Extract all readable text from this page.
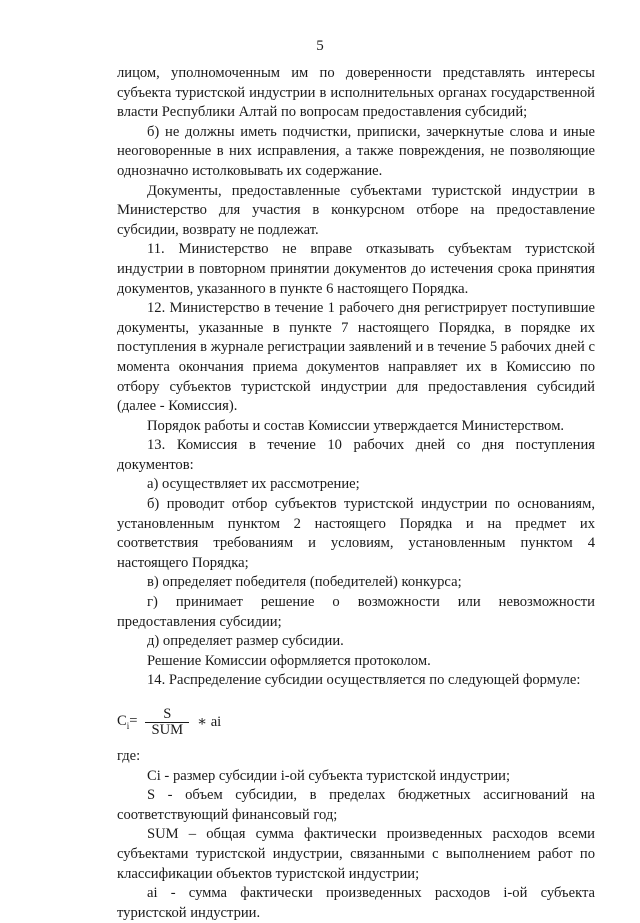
5

лицом, уполномоченным им по доверенности представлять интересы субъекта туристской индустрии в исполнительных органах государственной власти Республики Алтай по вопросам предоставления субсидий;

б) не должны иметь подчистки, приписки, зачеркнутые слова и иные неоговоренные в них исправления, а также повреждения, не позволяющие однозначно истолковывать их содержание.

Документы, предоставленные субъектами туристской индустрии в Министерство для участия в конкурсном отборе на предоставление субсидии, возврату не подлежат.

11. Министерство не вправе отказывать субъектам туристской индустрии в повторном принятии документов до истечения срока принятия документов, указанного в пункте 6 настоящего Порядка.

12. Министерство в течение 1 рабочего дня регистрирует поступившие документы, указанные в пункте 7 настоящего Порядка, в порядке их поступления в журнале регистрации заявлений и в течение 5 рабочих дней с момента окончания приема документов направляет их в Комиссию по отбору субъектов туристской индустрии для предоставления субсидий (далее - Комиссия).

Порядок работы и состав Комиссии утверждается Министерством.

13. Комиссия в течение 10 рабочих дней со дня поступления документов:

а) осуществляет их рассмотрение;

б) проводит отбор субъектов туристской индустрии по основаниям, установленным пунктом 2 настоящего Порядка и на предмет их соответствия требованиям и условиям, установленным пунктом 4 настоящего Порядка;

в) определяет победителя (победителей) конкурса;

г) принимает решение о возможности или невозможности предоставления субсидии;

д) определяет размер субсидии.

Решение Комиссии оформляется протоколом.

14. Распределение субсидии осуществляется по следующей формуле:

$C_i= \frac{S}{\text{SUM}}$ ∗ ai

где:

Ci - размер субсидии i-ой субъекта туристской индустрии;

S - объем субсидии, в пределах бюджетных ассигнований на соответствующий финансовый год;

SUM – общая сумма фактически произведенных расходов всеми субъектами туристской индустрии, связанными с выполнением работ по классификации объектов туристской индустрии;

ai - сумма фактически произведенных расходов i-ой субъекта туристской индустрии.
